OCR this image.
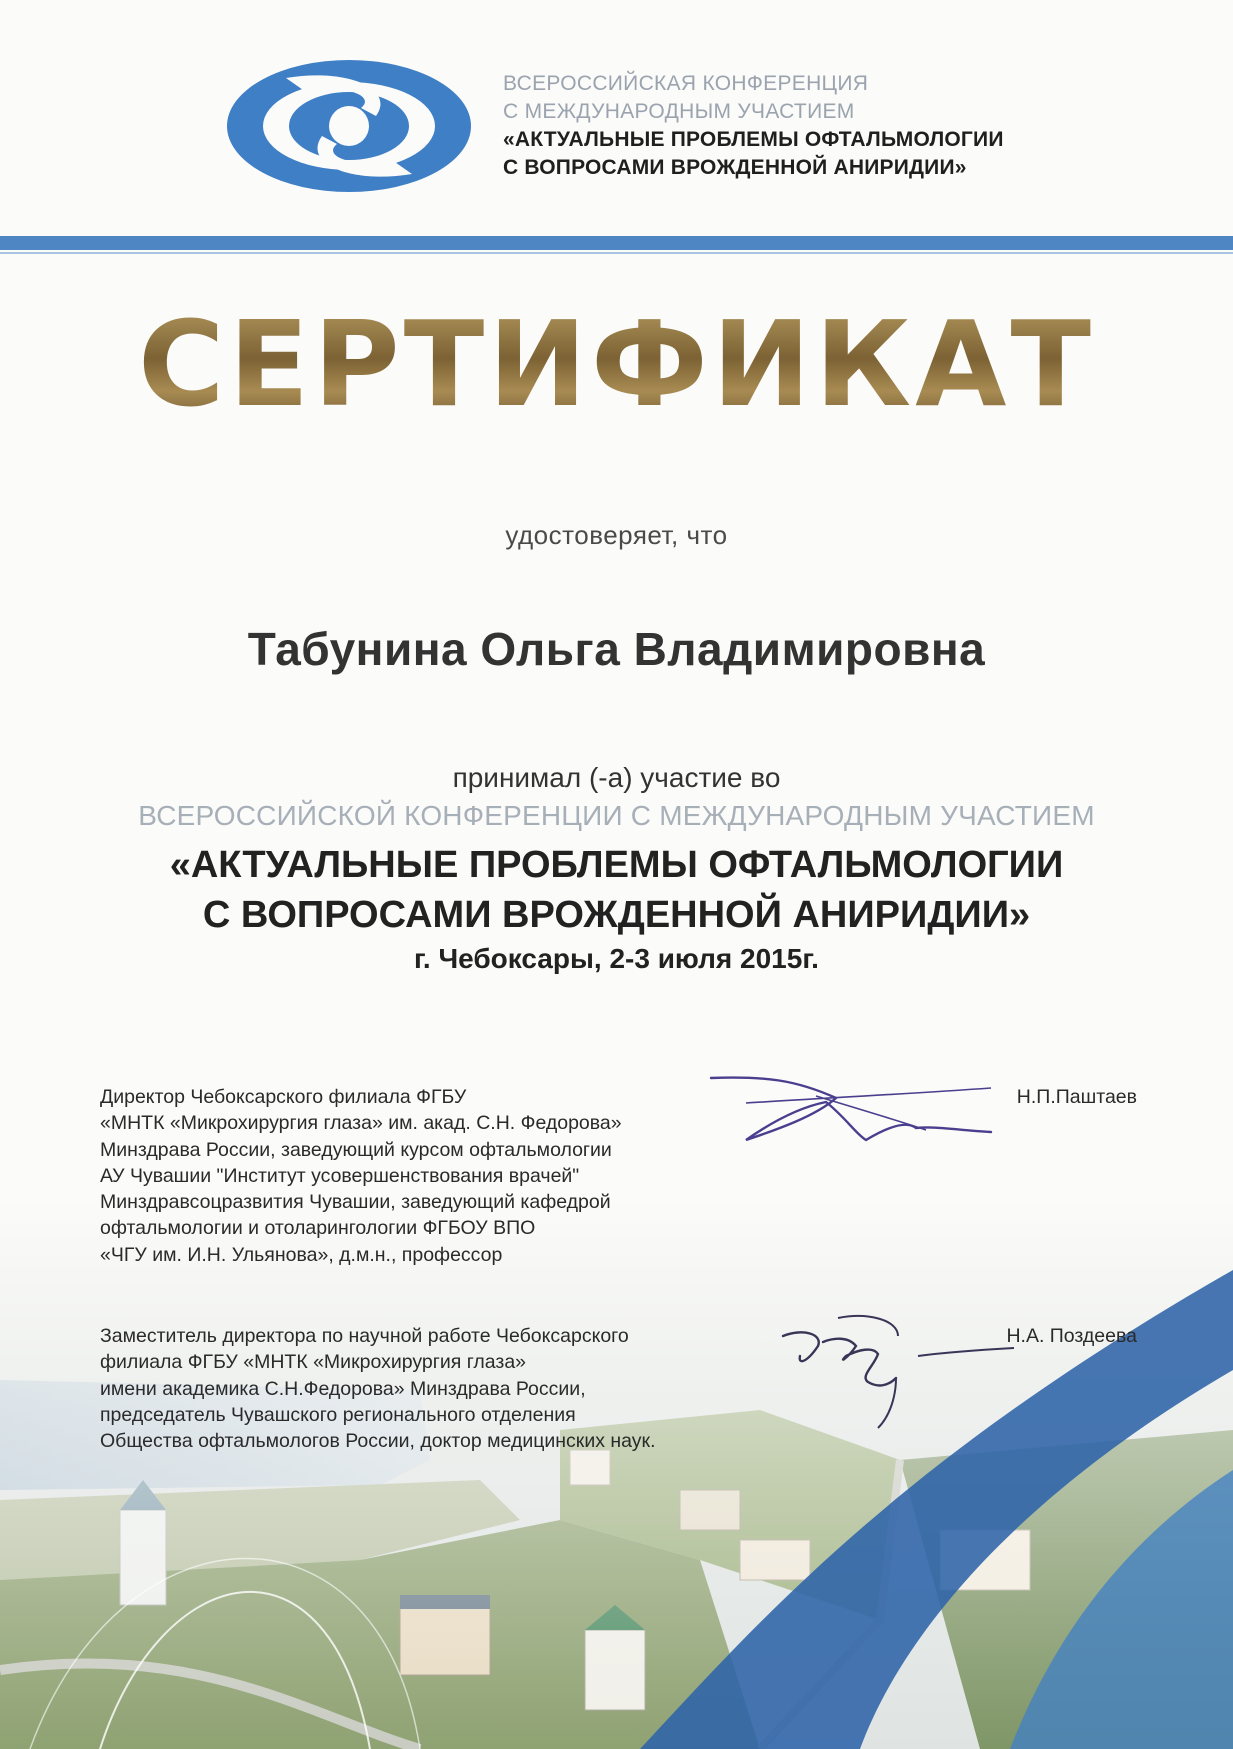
ВСЕРОССИЙСКАЯ КОНФЕРЕНЦИЯ
С МЕЖДУНАРОДНЫМ УЧАСТИЕМ
«АКТУАЛЬНЫЕ ПРОБЛЕМЫ ОФТАЛЬМОЛОГИИ
С ВОПРОСАМИ ВРОЖДЕННОЙ АНИРИДИИ»
СЕРТИФИКАТ
удостоверяет, что
Табунина Ольга Владимировна
принимал (-а) участие во
ВСЕРОССИЙСКОЙ КОНФЕРЕНЦИИ С МЕЖДУНАРОДНЫМ УЧАСТИЕМ
«АКТУАЛЬНЫЕ ПРОБЛЕМЫ ОФТАЛЬМОЛОГИИ
С ВОПРОСАМИ ВРОЖДЕННОЙ АНИРИДИИ»
г. Чебоксары, 2-3 июля 2015г.
Директор Чебоксарского филиала ФГБУ
«МНТК «Микрохирургия глаза» им. акад. С.Н. Федорова»
Минздрава России, заведующий курсом офтальмологии
АУ Чувашии "Институт усовершенствования врачей"
Минздравсоцразвития Чувашии, заведующий кафедрой
офтальмологии и отоларингологии ФГБОУ ВПО
«ЧГУ им. И.Н. Ульянова», д.м.н., профессор
Н.П.Паштаев
Заместитель директора по научной работе Чебоксарского
филиала ФГБУ «МНТК «Микрохирургия глаза»
имени академика С.Н.Федорова» Минздрава России,
председатель Чувашского регионального отделения
Общества офтальмологов России, доктор медицинских наук.
Н.А. Поздеева
